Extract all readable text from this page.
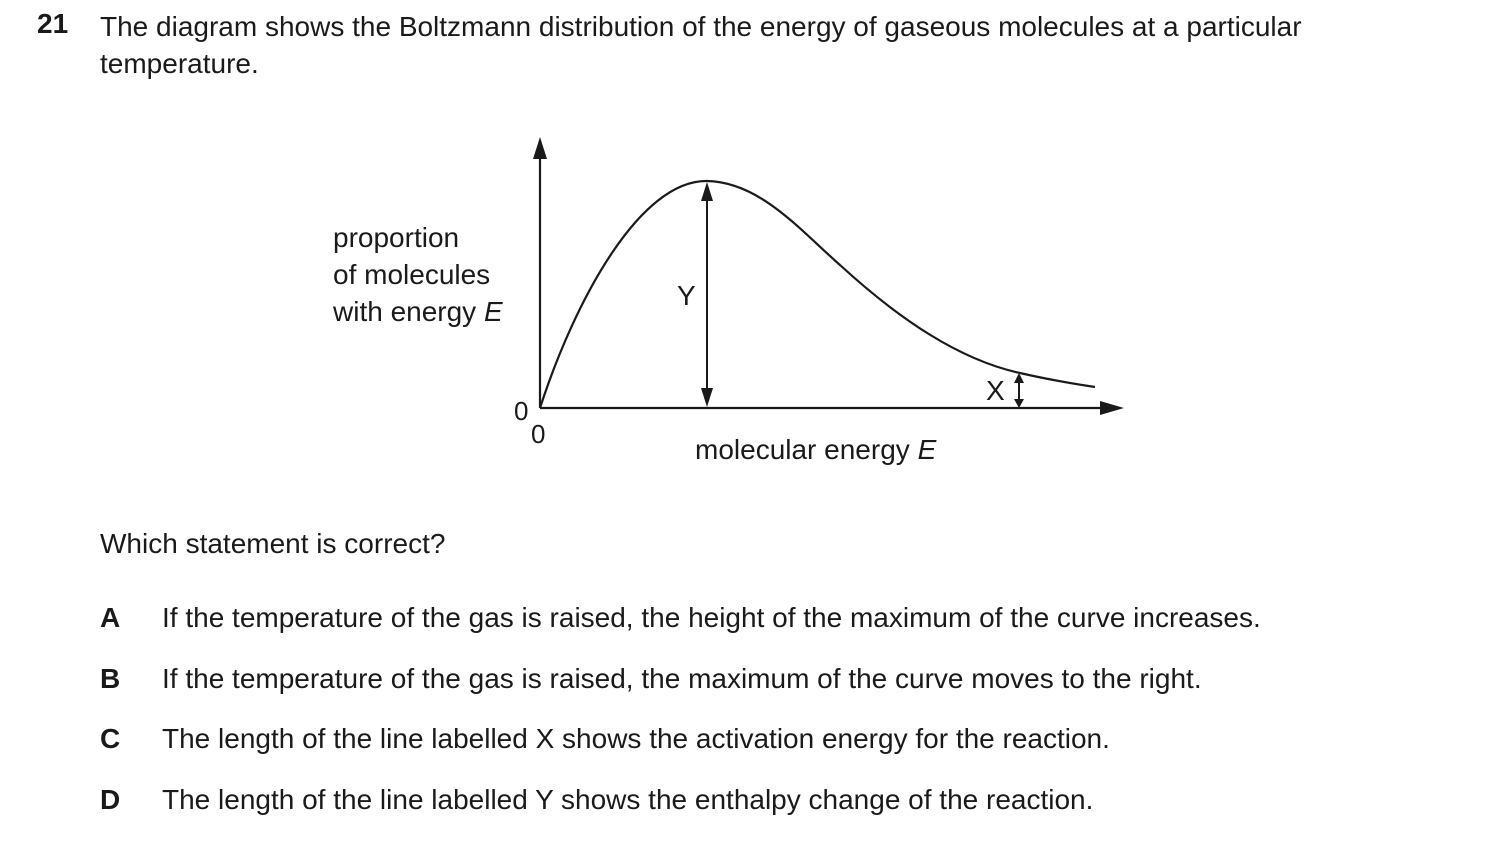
21 The diagram shows the Boltzmann distribution of the energy of gaseous molecules at a particular temperature.
proportion
of molecules
with energy E
0
0	molecular energy E
Y
X
Which statement is correct?
A If the temperature of the gas is raised, the height of the maximum of the curve increases.
B If the temperature of the gas is raised, the maximum of the curve moves to the right.
C The length of the line labelled X shows the activation energy for the reaction.
D The length of the line labelled Y shows the enthalpy change of the reaction.
